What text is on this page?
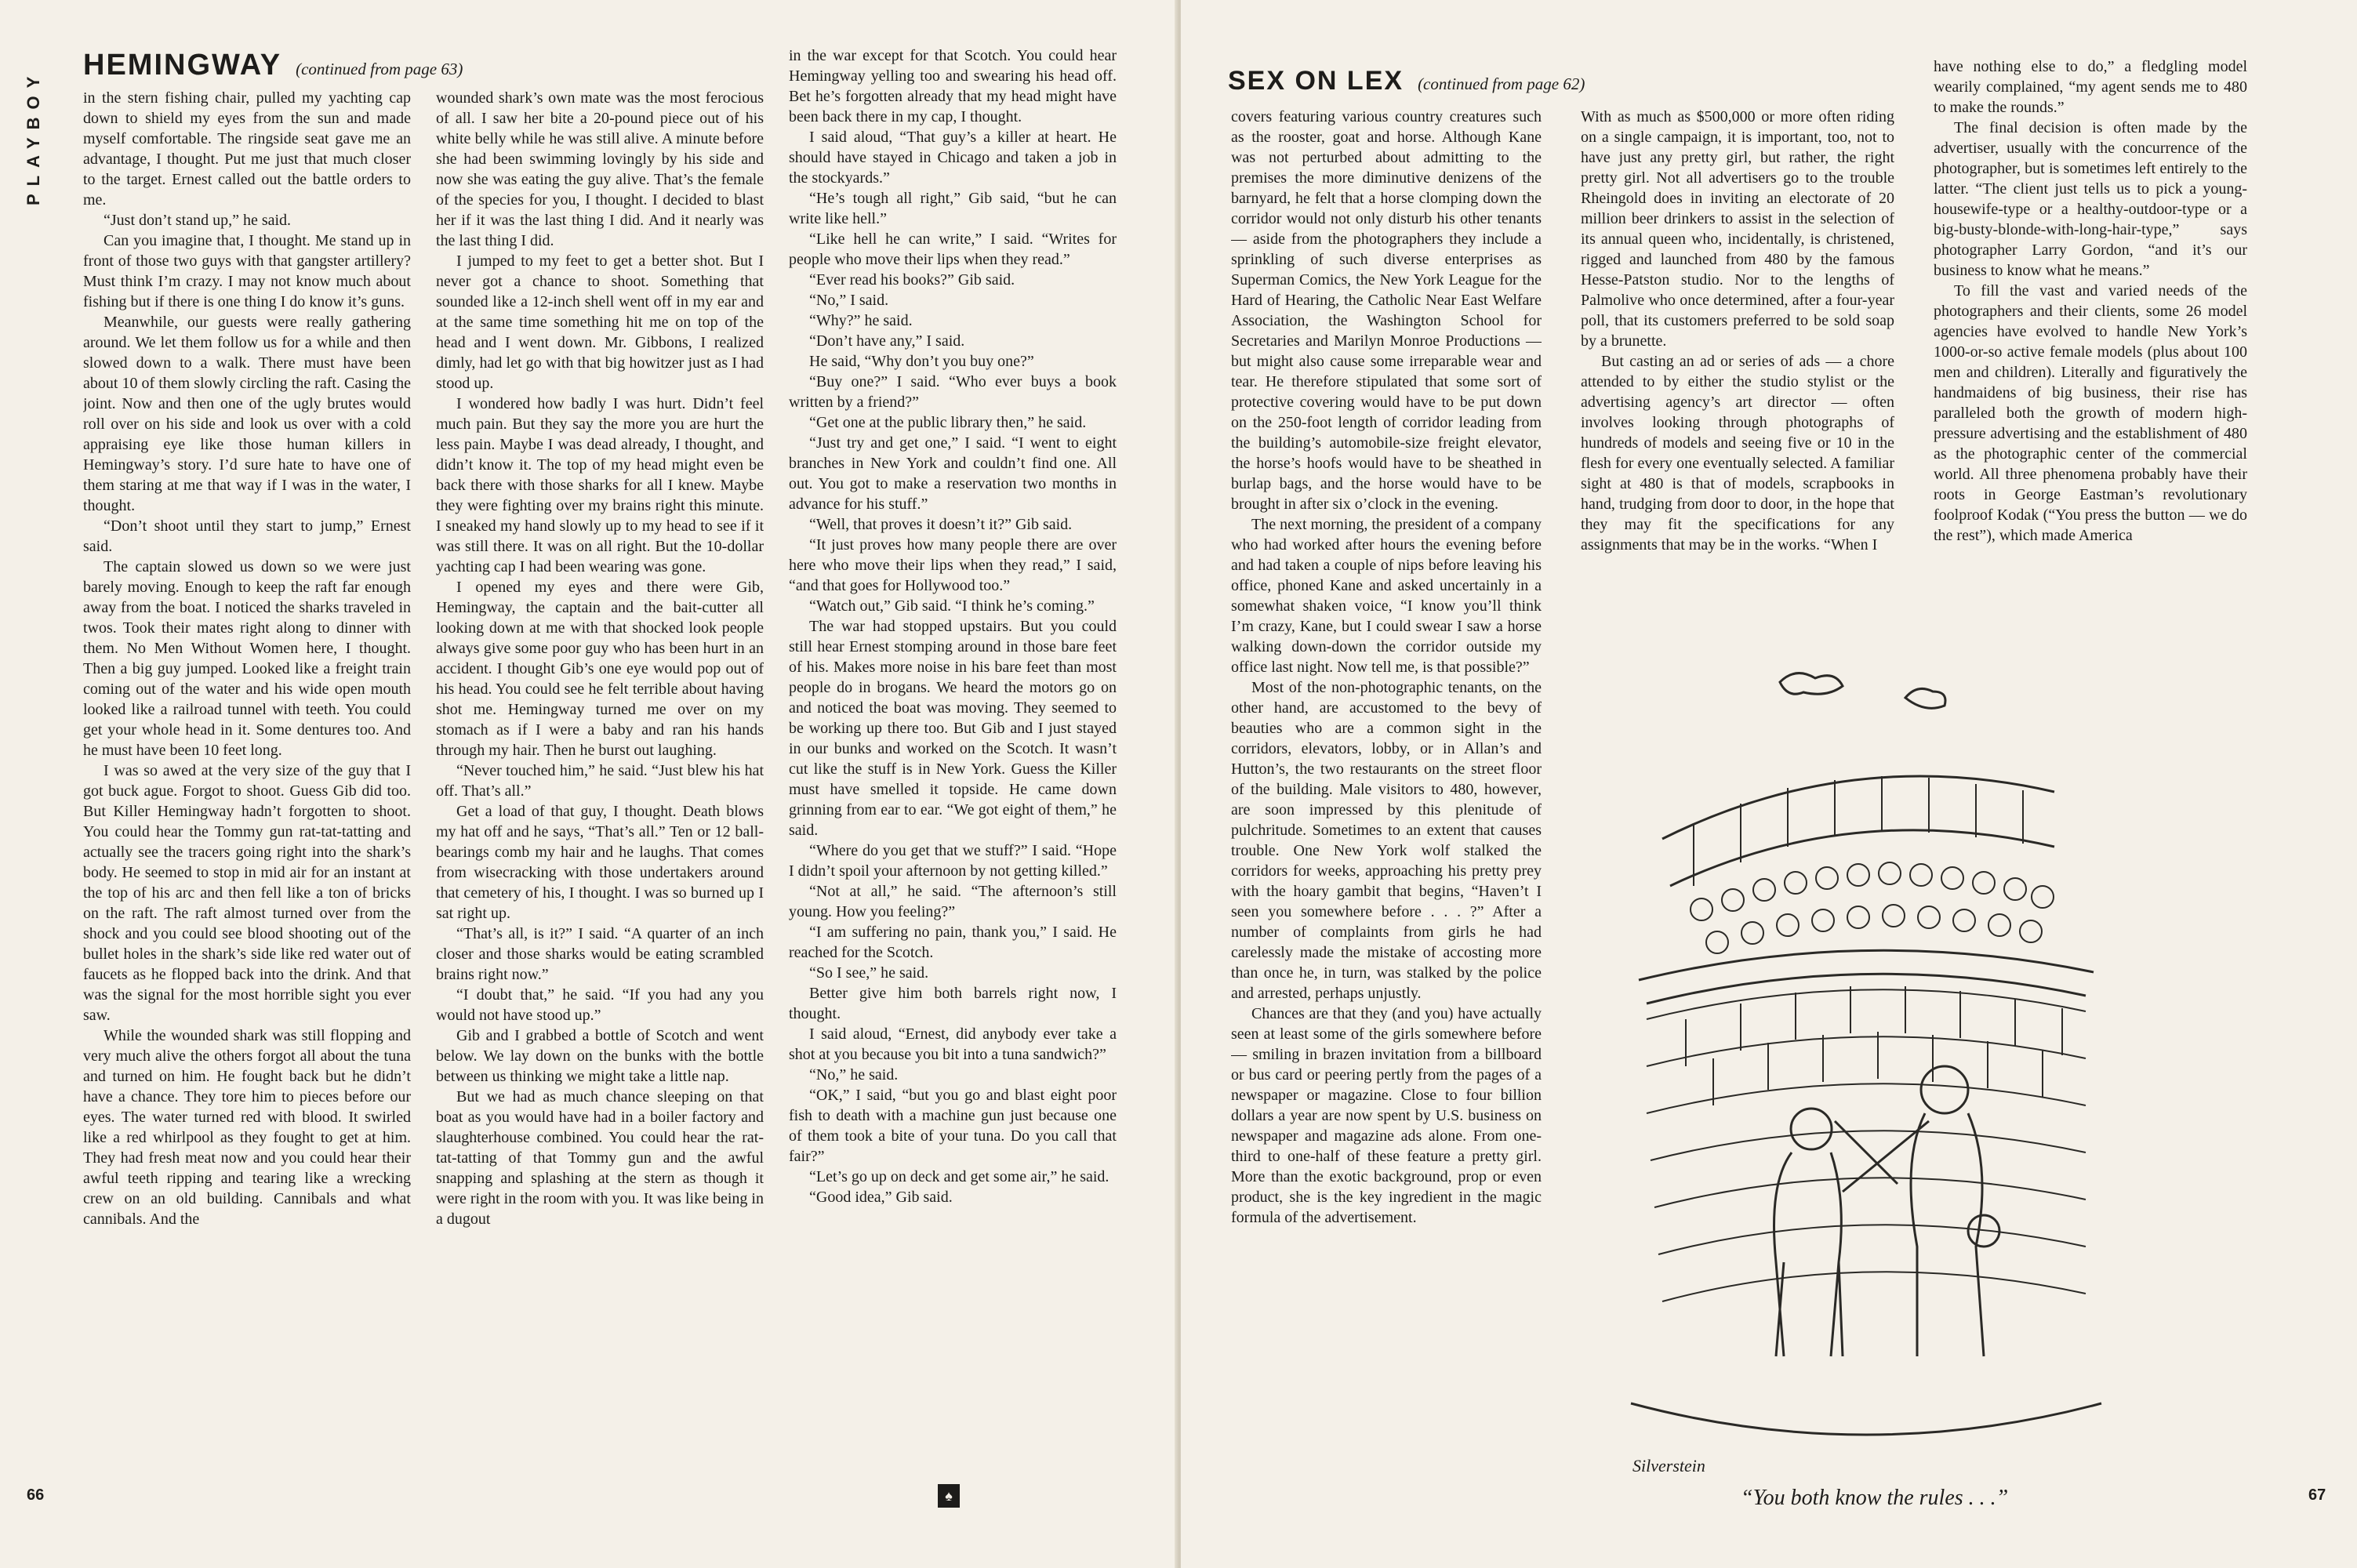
PLAYBOY
HEMINGWAY (continued from page 63)

in the stern fishing chair, pulled my yachting cap down to shield my eyes from the sun and made myself comfortable. The ringside seat gave me an advantage, I thought. Put me just that much closer to the target. Ernest called out the battle orders to me.

“Just don’t stand up,” he said.

Can you imagine that, I thought. Me stand up in front of those two guys with that gangster artillery? Must think I’m crazy. I may not know much about fishing but if there is one thing I do know it’s guns.

Meanwhile, our guests were really gathering around. We let them follow us for a while and then slowed down to a walk. There must have been about 10 of them slowly circling the raft. Casing the joint. Now and then one of the ugly brutes would roll over on his side and look us over with a cold appraising eye like those human killers in Hemingway’s story. I’d sure hate to have one of them staring at me that way if I was in the water, I thought.

“Don’t shoot until they start to jump,” Ernest said.

The captain slowed us down so we were just barely moving. Enough to keep the raft far enough away from the boat. I noticed the sharks traveled in twos. Took their mates right along to dinner with them. No Men Without Women here, I thought. Then a big guy jumped. Looked like a freight train coming out of the water and his wide open mouth looked like a railroad tunnel with teeth. You could get your whole head in it. Some dentures too. And he must have been 10 feet long.

I was so awed at the very size of the guy that I got buck ague. Forgot to shoot. Guess Gib did too. But Killer Hemingway hadn’t forgotten to shoot. You could hear the Tommy gun rat-tat-tatting and actually see the tracers going right into the shark’s body. He seemed to stop in mid air for an instant at the top of his arc and then fell like a ton of bricks on the raft. The raft almost turned over from the shock and you could see blood shooting out of the bullet holes in the shark’s side like red water out of faucets as he flopped back into the drink. And that was the signal for the most horrible sight you ever saw.

While the wounded shark was still flopping and very much alive the others forgot all about the tuna and turned on him. He fought back but he didn’t have a chance. They tore him to pieces before our eyes. The water turned red with blood. It swirled like a red whirlpool as they fought to get at him. They had fresh meat now and you could hear their awful teeth ripping and tearing like a wrecking crew on an old building. Cannibals and what cannibals. And the

wounded shark’s own mate was the most ferocious of all. I saw her bite a 20-pound piece out of his white belly while he was still alive. A minute before she had been swimming lovingly by his side and now she was eating the guy alive. That’s the female of the species for you, I thought. I decided to blast her if it was the last thing I did. And it nearly was the last thing I did.

I jumped to my feet to get a better shot. But I never got a chance to shoot. Something that sounded like a 12-inch shell went off in my ear and at the same time something hit me on top of the head and I went down. Mr. Gibbons, I realized dimly, had let go with that big howitzer just as I had stood up.

I wondered how badly I was hurt. Didn’t feel much pain. But they say the more you are hurt the less pain. Maybe I was dead already, I thought, and didn’t know it. The top of my head might even be back there with those sharks for all I knew. Maybe they were fighting over my brains right this minute. I sneaked my hand slowly up to my head to see if it was still there. It was on all right. But the 10-dollar yachting cap I had been wearing was gone.

I opened my eyes and there were Gib, Hemingway, the captain and the bait-cutter all looking down at me with that shocked look people always give some poor guy who has been hurt in an accident. I thought Gib’s one eye would pop out of his head. You could see he felt terrible about having shot me. Hemingway turned me over on my stomach as if I were a baby and ran his hands through my hair. Then he burst out laughing.

“Never touched him,” he said. “Just blew his hat off. That’s all.”

Get a load of that guy, I thought. Death blows my hat off and he says, “That’s all.” Ten or 12 ball-bearings comb my hair and he laughs. That comes from wisecracking with those undertakers around that cemetery of his, I thought. I was so burned up I sat right up.

“That’s all, is it?” I said. “A quarter of an inch closer and those sharks would be eating scrambled brains right now.”

“I doubt that,” he said. “If you had any you would not have stood up.”

Gib and I grabbed a bottle of Scotch and went below. We lay down on the bunks with the bottle between us thinking we might take a little nap.

But we had as much chance sleeping on that boat as you would have had in a boiler factory and slaughterhouse combined. You could hear the rat-tat-tatting of that Tommy gun and the awful snapping and splashing at the stern as though it were right in the room with you. It was like being in a dugout

in the war except for that Scotch. You could hear Hemingway yelling too and swearing his head off. Bet he’s forgotten already that my head might have been back there in my cap, I thought.

I said aloud, “That guy’s a killer at heart. He should have stayed in Chicago and taken a job in the stockyards.”

“He’s tough all right,” Gib said, “but he can write like hell.”

“Like hell he can write,” I said. “Writes for people who move their lips when they read.”

“Ever read his books?” Gib said.

“No,” I said.

“Why?” he said.

“Don’t have any,” I said.

He said, “Why don’t you buy one?”

“Buy one?” I said. “Who ever buys a book written by a friend?”

“Get one at the public library then,” he said.

“Just try and get one,” I said. “I went to eight branches in New York and couldn’t find one. All out. You got to make a reservation two months in advance for his stuff.”

“Well, that proves it doesn’t it?” Gib said.

“It just proves how many people there are over here who move their lips when they read,” I said, “and that goes for Hollywood too.”

“Watch out,” Gib said. “I think he’s coming.”

The war had stopped upstairs. But you could still hear Ernest stomping around in those bare feet of his. Makes more noise in his bare feet than most people do in brogans. We heard the motors go on and noticed the boat was moving. They seemed to be working up there too. But Gib and I just stayed in our bunks and worked on the Scotch. It wasn’t cut like the stuff is in New York. Guess the Killer must have smelled it topside. He came down grinning from ear to ear. “We got eight of them,” he said.

“Where do you get that we stuff?” I said. “Hope I didn’t spoil your afternoon by not getting killed.”

“Not at all,” he said. “The afternoon’s still young. How you feeling?”

“I am suffering no pain, thank you,” I said. He reached for the Scotch.

“So I see,” he said.

Better give him both barrels right now, I thought.

I said aloud, “Ernest, did anybody ever take a shot at you because you bit into a tuna sandwich?”

“No,” he said.

“OK,” I said, “but you go and blast eight poor fish to death with a machine gun just because one of them took a bite of your tuna. Do you call that fair?”

“Let’s go up on deck and get some air,” he said.

“Good idea,” Gib said.

♠
66
SEX ON LEX (continued from page 62)

covers featuring various country creatures such as the rooster, goat and horse. Although Kane was not perturbed about admitting to the premises the more diminutive denizens of the barnyard, he felt that a horse clomping down the corridor would not only disturb his other tenants — aside from the photographers they include a sprinkling of such diverse enterprises as Superman Comics, the New York League for the Hard of Hearing, the Catholic Near East Welfare Association, the Washington School for Secretaries and Marilyn Monroe Productions — but might also cause some irreparable wear and tear. He therefore stipulated that some sort of protective covering would have to be put down on the 250-foot length of corridor leading from the building’s automobile-size freight elevator, the horse’s hoofs would have to be sheathed in burlap bags, and the horse would have to be brought in after six o’clock in the evening.

The next morning, the president of a company who had worked after hours the evening before and had taken a couple of nips before leaving his office, phoned Kane and asked uncertainly in a somewhat shaken voice, “I know you’ll think I’m crazy, Kane, but I could swear I saw a horse walking down-down the corridor outside my office last night. Now tell me, is that possible?”

Most of the non-photographic tenants, on the other hand, are accustomed to the bevy of beauties who are a common sight in the corridors, elevators, lobby, or in Allan’s and Hutton’s, the two restaurants on the street floor of the building. Male visitors to 480, however, are soon impressed by this plenitude of pulchritude. Sometimes to an extent that causes trouble. One New York wolf stalked the corridors for weeks, approaching his pretty prey with the hoary gambit that begins, “Haven’t I seen you somewhere before . . . ?” After a number of complaints from girls he had carelessly made the mistake of accosting more than once he, in turn, was stalked by the police and arrested, perhaps unjustly.

Chances are that they (and you) have actually seen at least some of the girls somewhere before — smiling in brazen invitation from a billboard or bus card or peering pertly from the pages of a newspaper or magazine. Close to four billion dollars a year are now spent by U.S. business on newspaper and magazine ads alone. From one-third to one-half of these feature a pretty girl. More than the exotic background, prop or even product, she is the key ingredient in the magic formula of the advertisement.

With as much as $500,000 or more often riding on a single campaign, it is important, too, not to have just any pretty girl, but rather, the right pretty girl. Not all advertisers go to the trouble Rheingold does in inviting an electorate of 20 million beer drinkers to assist in the selection of its annual queen who, incidentally, is christened, rigged and launched from 480 by the famous Hesse-Patston studio. Nor to the lengths of Palmolive who once determined, after a four-year poll, that its customers preferred to be sold soap by a brunette.

But casting an ad or series of ads — a chore attended to by either the studio stylist or the advertising agency’s art director — often involves looking through photographs of hundreds of models and seeing five or 10 in the flesh for every one eventually selected. A familiar sight at 480 is that of models, scrapbooks in hand, trudging from door to door, in the hope that they may fit the specifications for any assignments that may be in the works. “When I

have nothing else to do,” a fledgling model wearily complained, “my agent sends me to 480 to make the rounds.”

The final decision is often made by the advertiser, usually with the concurrence of the photographer, but is sometimes left entirely to the latter. “The client just tells us to pick a young-housewife-type or a healthy-outdoor-type or a big-busty-blonde-with-long-hair-type,” says photographer Larry Gordon, “and it’s our business to know what he means.”

To fill the vast and varied needs of the photographers and their clients, some 26 model agencies have evolved to handle New York’s 1000-or-so active female models (plus about 100 men and children). Literally and figuratively the handmaidens of big business, their rise has paralleled both the growth of modern high-pressure advertising and the establishment of 480 as the photographic center of the commercial world. All three phenomena probably have their roots in George Eastman’s revolutionary foolproof Kodak (“You press the button — we do the rest”), which made America

67
Silverstein
“You both know the rules . . .”
